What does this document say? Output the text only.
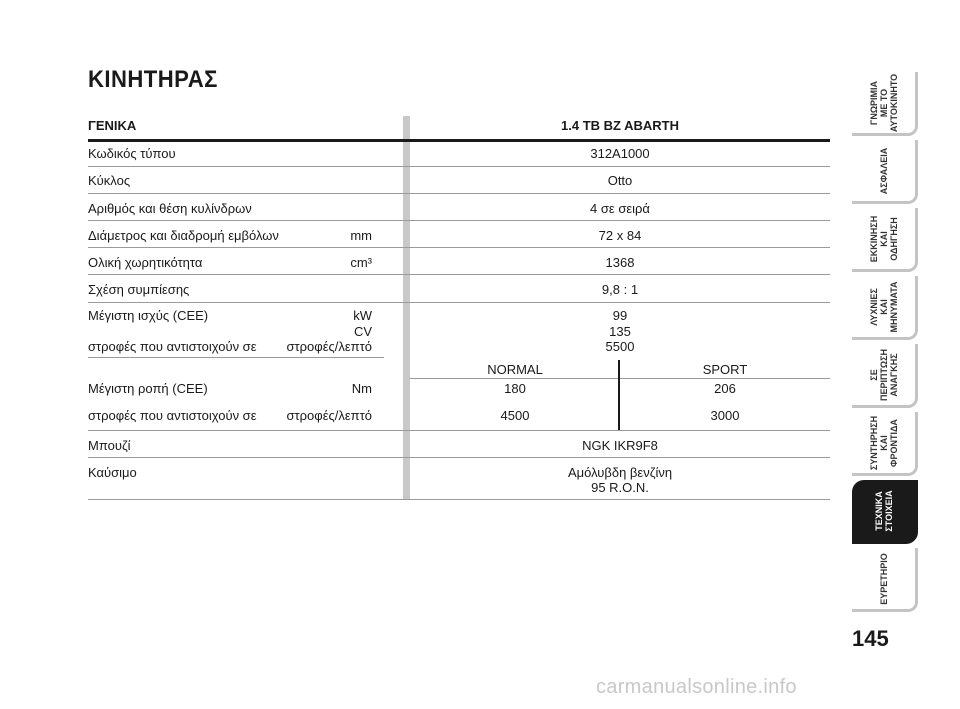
ΚΙΝΗΤΗΡΑΣ
ΓΕΝΙΚΑ	1.4 TB BZ ABARTH
Κωδικός τύπου	312A1000
Κύκλος	Otto
Αριθμός και θέση κυλίνδρων	4 σε σειρά
Διάμετρος και διαδρομή εμβόλων	mm	72 x 84
Ολική χωρητικότητα	cm³	1368
Σχέση συμπίεσης	9,8 : 1
Μέγιστη ισχύς (CEE)	kW	99
CV	135
στροφές που αντιστοιχούν σε στροφές/λεπτό	5500
NORMAL	SPORT
Μέγιστη ροπή (CEE)	Nm	180	206
στροφές που αντιστοιχούν σε στροφές/λεπτό	4500	3000
Μπουζί	NGK IKR9F8
Καύσιμο	Αμόλυβδη βενζίνη
95 R.O.N.
ΓΝΩΡΙΜΙΑ
ΜΕ ΤΟ
ΑΥΤΟΚΙΝΗΤΟ
ΑΣΦΑΛΕΙΑ
ΕΚΚΙΝΗΣΗ
ΚΑΙ
ΟΔΗΓΗΣΗ
ΛΥΧΝΙΕΣ
ΚΑΙ
ΜΗΝΥΜΑΤΑ
ΣΕ
ΠΕΡΙΠΤΩΣΗ
ΑΝΑΓΚΗΣ
ΣΥΝΤΗΡΗΣΗ
ΚΑΙ
ΦΡΟΝΤΙΔΑ
ΤΕΧΝΙΚΑ
ΣΤΟΙΧΕΙΑ
ΕΥΡΕΤΗΡΙΟ
145
carmanualsonline.info
